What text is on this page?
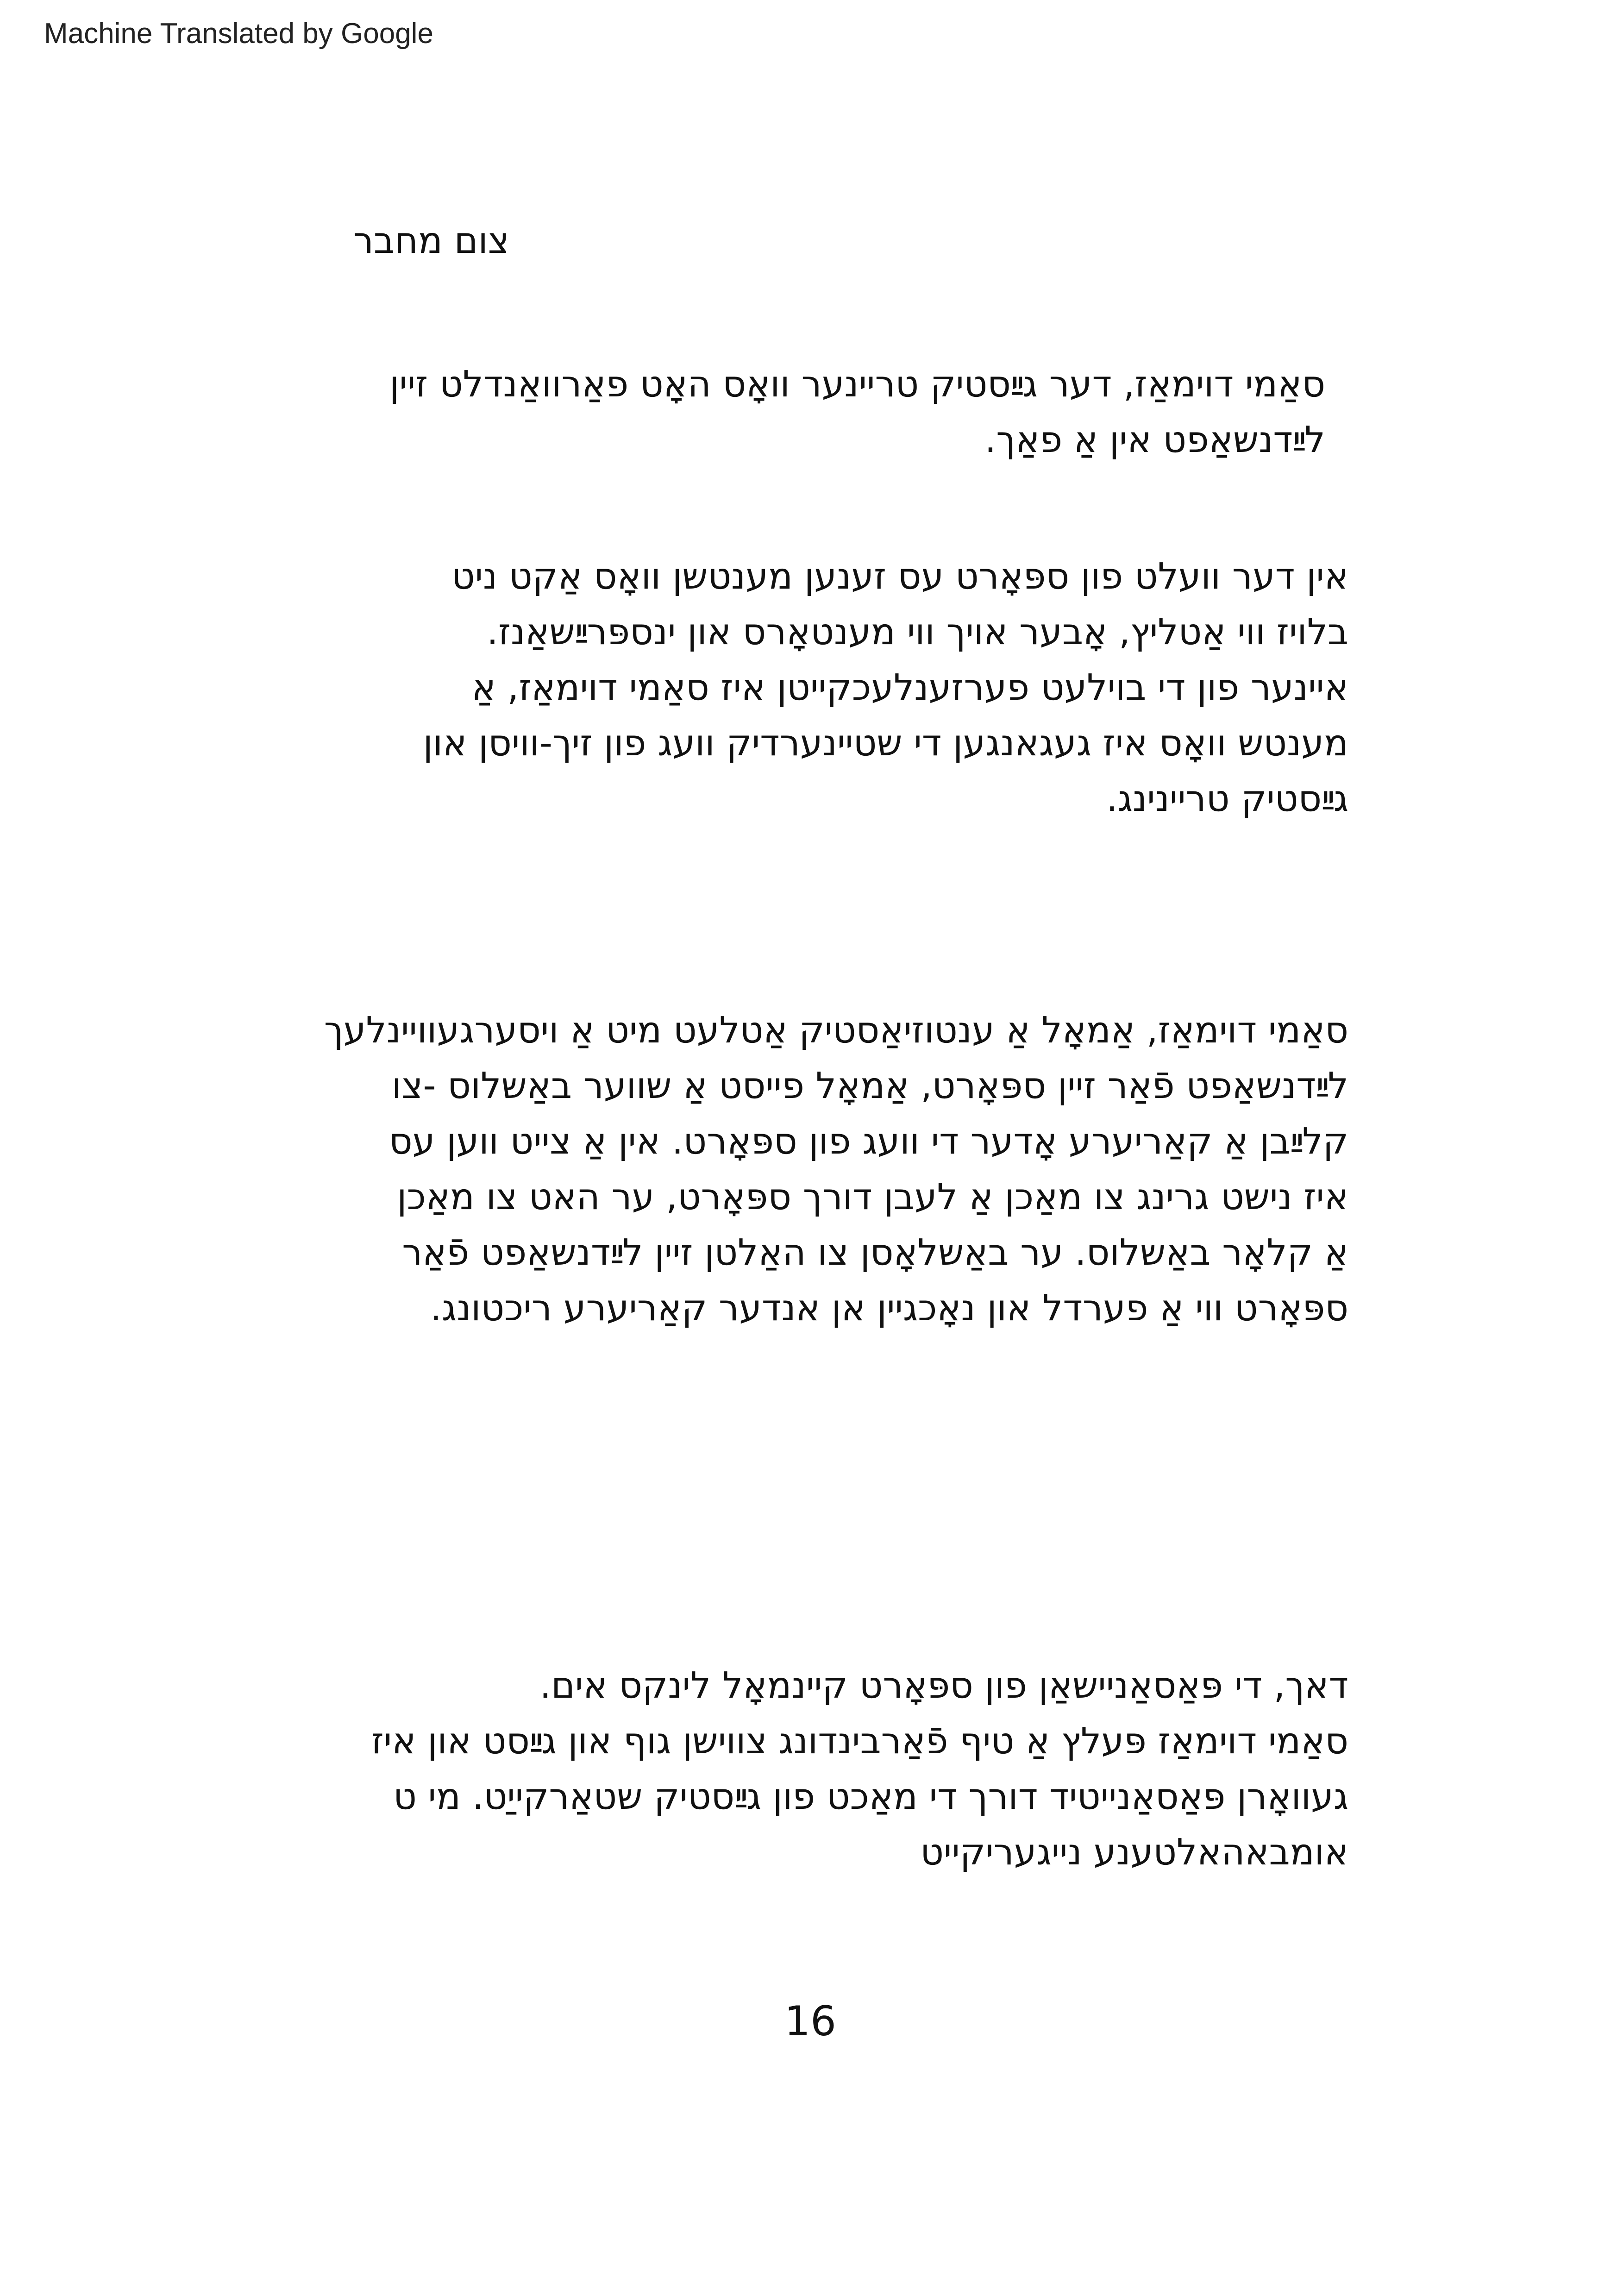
Machine Translated by Google
צום מחבר
סאַמי דוימאַז, דער גײַסטיק טריינער וואָס האָט פאַרוואַנדלט זיין
לײַדנשאַפט אין אַ פאַך.
אין דער וועלט פון ספּאָרט עס זענען מענטשן וואָס אַקט ניט
בלויז ווי אַטליץ, אָבער אויך ווי מענטאָרס און ינספּרײַשאַנז.
איינער פון די בוילעט פערזענלעכקייטן איז סאַמי דוימאַז, אַ
מענטש וואָס איז געגאנגען די שטיינערדיק וועג פון זיך-וויסן און
גײַסטיק טריינינג.
סאַמי דוימאַז, אַמאָל אַ ענטוזיאַסטיק אַטלעט מיט אַ ויסערגעוויינלעך
לײַדנשאַפט פֿאַר זיין ספּאָרט, אַמאָל פייסט אַ שווער באַשלוס -צו
קלײַבן אַ קאַריערע אָדער די וועג פון ספּאָרט. אין אַ צייט ווען עס
איז נישט גרינג צו מאַכן אַ לעבן דורך ספּאָרט, ער האט צו מאַכן
אַ קלאָר באַשלוס. ער באַשלאָסן צו האַלטן זיין לײַדנשאַפט פֿאַר
ספּאָרט ווי אַ פערדל און נאָכגיין אן אנדער קאַריערע ריכטונג.
דאך, די פּאַסאַניישאַן פון ספּאָרט קיינמאָל לינקס אים.
סאַמי דוימאַז פּעלץ אַ טיף פֿאַרבינדונג צווישן גוף און גײַסט און איז
געוואָרן פּאַסאַנייטיד דורך די מאַכט פון גײַסטיק שטאַרקייַט. מי ט
אומבאהאלטענע נייגעריקייט
16
